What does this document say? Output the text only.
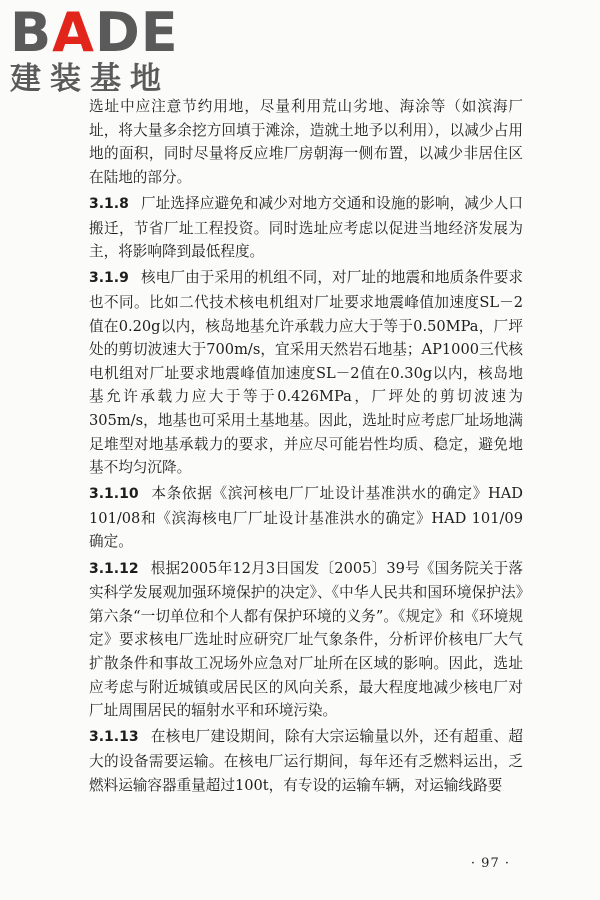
BADE
建装基地

选址中应注意节约用地，尽量利用荒山劣地、海涂等（如滨海厂址，将大量多余挖方回填于滩涂，造就土地予以利用），以减少占用地的面积，同时尽量将反应堆厂房朝海一侧布置，以减少非居住区在陆地的部分。

3.1.8 厂址选择应避免和减少对地方交通和设施的影响，减少人口搬迁，节省厂址工程投资。同时选址应考虑以促进当地经济发展为主，将影响降到最低程度。

3.1.9 核电厂由于采用的机组不同，对厂址的地震和地质条件要求也不同。比如二代技术核电机组对厂址要求地震峰值加速度SL－2值在0.20g以内，核岛地基允许承载力应大于等于0.50MPa，厂坪处的剪切波速大于700m/s，宜采用天然岩石地基；AP1000三代核电机组对厂址要求地震峰值加速度SL－2值在0.30g以内，核岛地基允许承载力应大于等于0.426MPa，厂坪处的剪切波速为305m/s，地基也可采用土基地基。因此，选址时应考虑厂址场地满足堆型对地基承载力的要求，并应尽可能岩性均质、稳定，避免地基不均匀沉降。

3.1.10 本条依据《滨河核电厂厂址设计基准洪水的确定》HAD 101/08和《滨海核电厂厂址设计基准洪水的确定》HAD 101/09确定。

3.1.12 根据2005年12月3日国发〔2005〕39号《国务院关于落实科学发展观加强环境保护的决定》、《中华人民共和国环境保护法》第六条“一切单位和个人都有保护环境的义务”。《规定》和《环境规定》要求核电厂选址时应研究厂址气象条件，分析评价核电厂大气扩散条件和事故工况场外应急对厂址所在区域的影响。因此，选址应考虑与附近城镇或居民区的风向关系，最大程度地减少核电厂对厂址周围居民的辐射水平和环境污染。

3.1.13 在核电厂建设期间，除有大宗运输量以外，还有超重、超大的设备需要运输。在核电厂运行期间，每年还有乏燃料运出，乏燃料运输容器重量超过100t，有专设的运输车辆，对运输线路要

· 97 ·
